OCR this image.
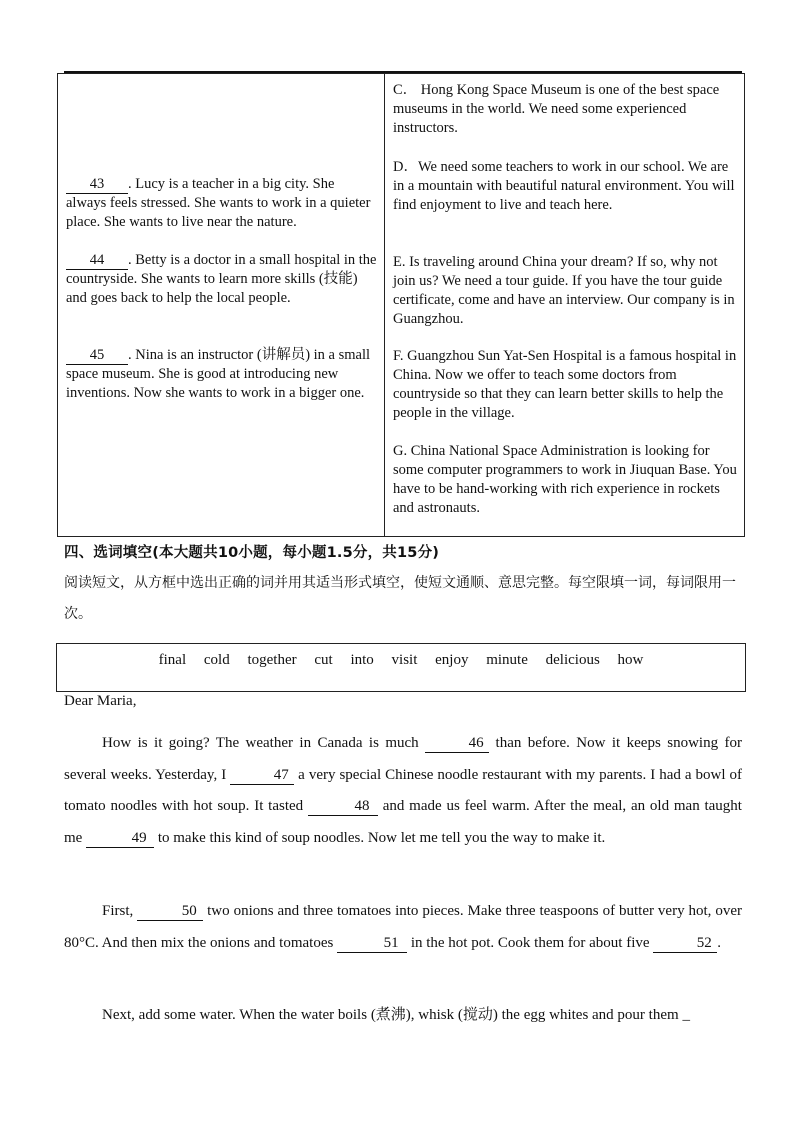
43 . Lucy is a teacher in a big city. She always feels stressed. She wants to work in a quieter place. She wants to live near the nature.
44 . Betty is a doctor in a small hospital in the countryside. She wants to learn more skills (技能) and goes back to help the local people.
45 . Nina is an instructor (讲解员) in a small space museum. She is good at introducing new inventions. Now she wants to work in a bigger one.
C． Hong Kong Space Museum is one of the best space museums in the world. We need some experienced instructors.
D．We need some teachers to work in our school. We are in a mountain with beautiful natural environment. You will find enjoyment to live and teach here.
E. Is traveling around China your dream? If so, why not join us? We need a tour guide. If you have the tour guide certificate, come and have an interview. Our company is in Guangzhou.
F. Guangzhou Sun Yat-Sen Hospital is a famous hospital in China. Now we offer to teach some doctors from countryside so that they can learn better skills to help the people in the village.
G. China National Space Administration is looking for some computer programmers to work in Jiuquan Base. You have to be hand-working with rich experience in rockets and astronauts.
四、选词填空(本大题共10小题，每小题1.5分，共15分)
阅读短文，从方框中选出正确的词并用其适当形式填空，使短文通顺、意思完整。每空限填一词，每词限用一次。
final cold together cut into visit enjoy minute delicious how
Dear Maria,
How is it going? The weather in Canada is much	46 than before. Now it keeps snowing for several weeks. Yesterday, I	47 a very special Chinese noodle restaurant with my parents. I had a bowl of tomato noodles with hot soup. It tasted	48 and made us feel warm. After the meal, an old man taught me	49 to make this kind of soup noodles. Now let me tell you the way to make it.
First,	50 two onions and three tomatoes into pieces. Make three teaspoons of butter very hot, over 80°C. And then mix the onions and tomatoes	51 in the hot pot. Cook them for about five	52 .
Next, add some water. When the water boils (煮沸), whisk (搅动) the egg whites and pour them _
